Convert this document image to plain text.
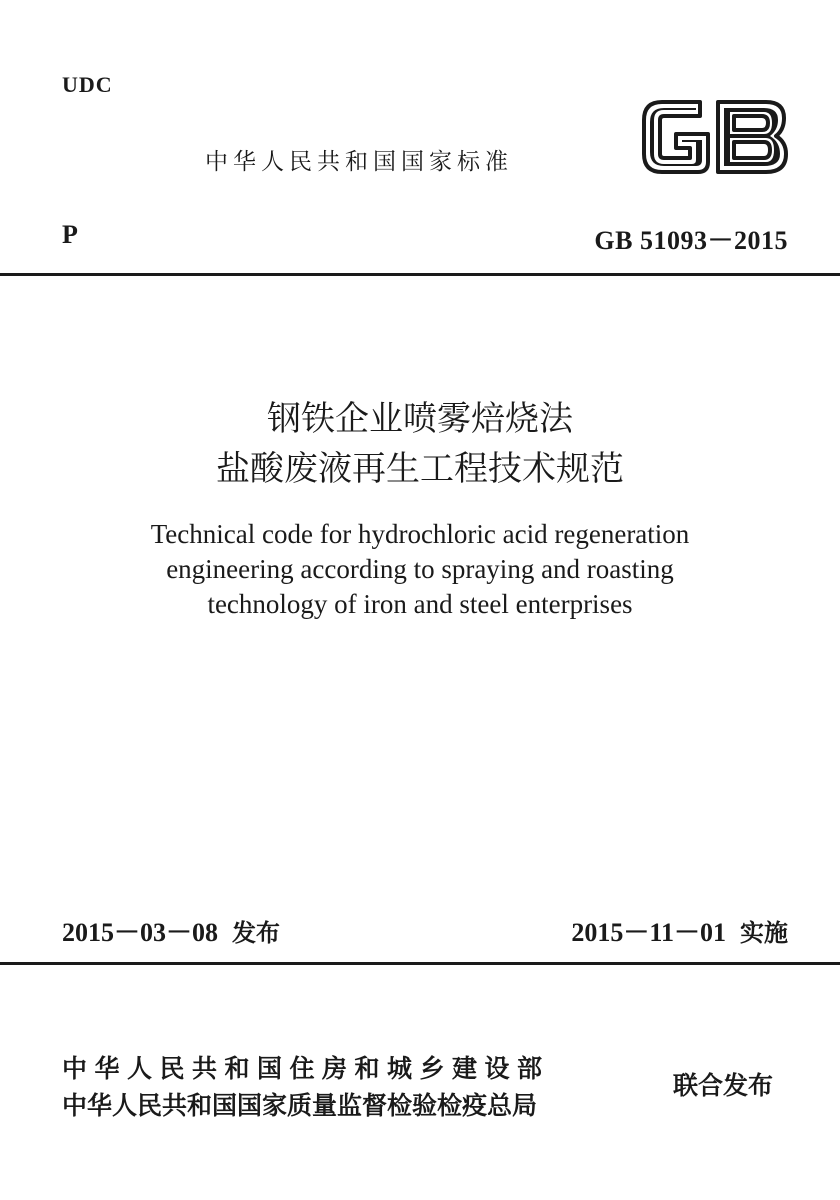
UDC
中华人民共和国国家标准
P	GB 51093－2015
钢铁企业喷雾焙烧法
盐酸废液再生工程技术规范
Technical code for hydrochloric acid regeneration
engineering according to spraying and roasting
technology of iron and steel enterprises
2015－03－08 发布	2015－11－01 实施
中华人民共和国住房和城乡建设部
中华人民共和国国家质量监督检验检疫总局
联合发布
